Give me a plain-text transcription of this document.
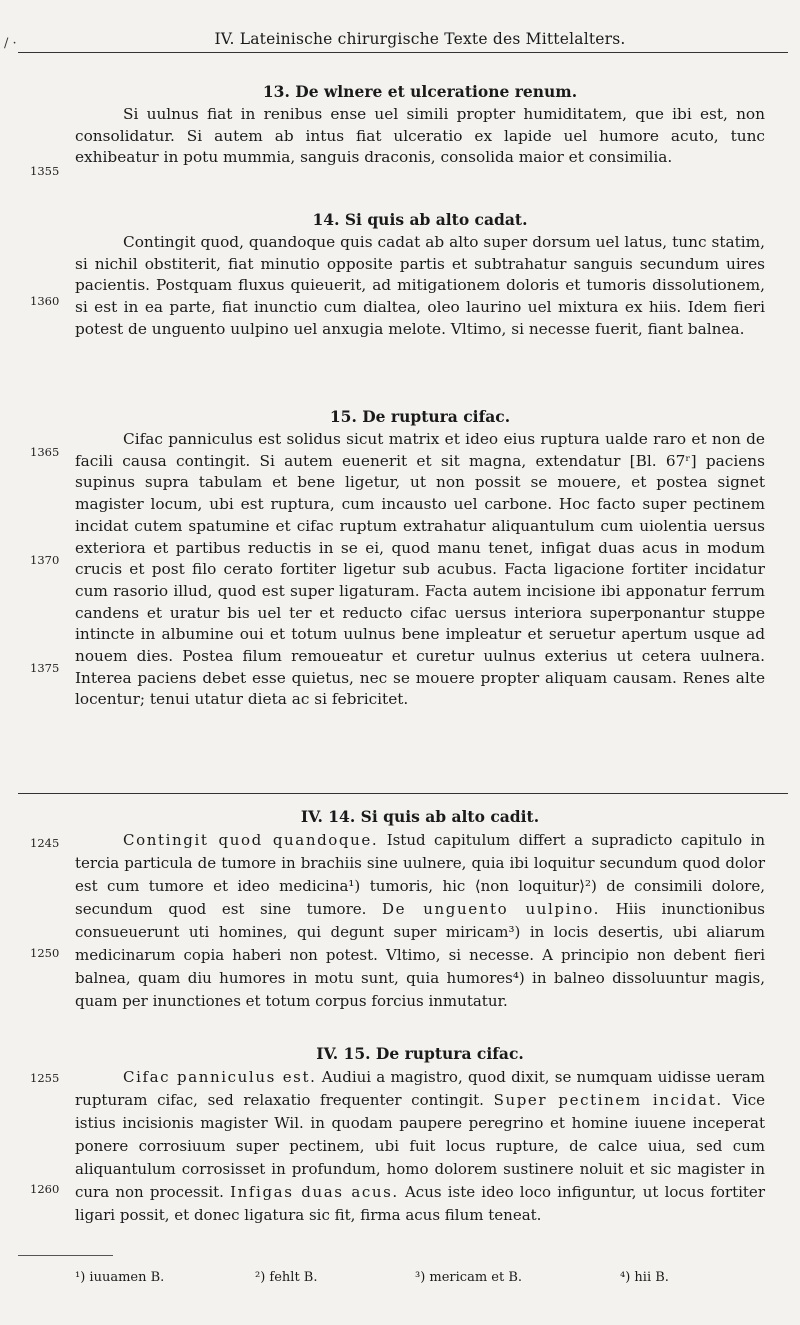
/ ·	IV. Lateinische chirurgische Texte des Mittelalters.
1355
1360
1365
1370
1375
13. De wlnere et ulceratione renum.

Si uulnus fiat in renibus ense uel simili propter humiditatem, que ibi est, non consolidatur. Si autem ab intus fiat ulceratio ex lapide uel humore acuto, tunc exhibeatur in potu mummia, sanguis draconis, consolida maior et consimilia.

14. Si quis ab alto cadat.

Contingit quod, quandoque quis cadat ab alto super dorsum uel latus, tunc statim, si nichil obstiterit, fiat minutio opposite partis et subtrahatur sanguis secundum uires pacientis. Postquam fluxus quieuerit, ad mitigationem doloris et tumoris dissolutionem, si est in ea parte, fiat inunctio cum dialtea, oleo laurino uel mixtura ex hiis. Idem fieri potest de unguento uulpino uel anxugia melote. Vltimo, si necesse fuerit, fiant balnea.

15. De ruptura cifac.

Cifac panniculus est solidus sicut matrix et ideo eius ruptura ualde raro et non de facili causa contingit. Si autem euenerit et sit magna, extendatur [Bl. 67ʳ] paciens supinus supra tabulam et bene ligetur, ut non possit se mouere, et postea signet magister locum, ubi est ruptura, cum incausto uel carbone. Hoc facto super pectinem incidat cutem spatumine et cifac ruptum extrahatur aliquantulum cum uiolentia uersus exteriora et partibus reductis in se ei, quod manu tenet, infigat duas acus in modum crucis et post filo cerato fortiter ligetur sub acubus. Facta ligacione fortiter incidatur cum rasorio illud, quod est super ligaturam. Facta autem incisione ibi apponatur ferrum candens et uratur bis uel ter et reducto cifac uersus interiora superponantur stuppe intincte in albumine oui et totum uulnus bene impleatur et seruetur apertum usque ad nouem dies. Postea filum remoueatur et curetur uulnus exterius ut cetera uulnera. Interea paciens debet esse quietus, nec se mouere propter aliquam causam. Renes alte locentur; tenui utatur dieta ac si febricitet.

1245
1250
1255
1260
IV. 14. Si quis ab alto cadit.

Contingit quod quandoque. Istud capitulum differt a supradicto capitulo in tercia particula de tumore in brachiis sine uulnere, quia ibi loquitur secundum quod dolor est cum tumore et ideo medicina¹) tumoris, hic ⟨non loquitur⟩²) de consimili dolore, secundum quod est sine tumore. De unguento uulpino. Hiis inunctionibus consueuerunt uti homines, qui degunt super miricam³) in locis desertis, ubi aliarum medicinarum copia haberi non potest. Vltimo, si necesse. A principio non debent fieri balnea, quam diu humores in motu sunt, quia humores⁴) in balneo dissoluuntur magis, quam per inunctiones et totum corpus forcius inmutatur.

IV. 15. De ruptura cifac.

Cifac panniculus est. Audiui a magistro, quod dixit, se numquam uidisse ueram rupturam cifac, sed relaxatio frequenter contingit. Super pectinem incidat. Vice istius incisionis magister Wil. in quodam paupere peregrino et homine iuuene inceperat ponere corrosiuum super pectinem, ubi fuit locus rupture, de calce uiua, sed cum aliquantulum corrosisset in profundum, homo dolorem sustinere noluit et sic magister in cura non processit. Infigas duas acus. Acus iste ideo loco infiguntur, ut locus fortiter ligari possit, et donec ligatura sic fit, firma acus filum teneat.

¹) iuuamen B.	²) fehlt B.	³) mericam et B.	⁴) hii B.
